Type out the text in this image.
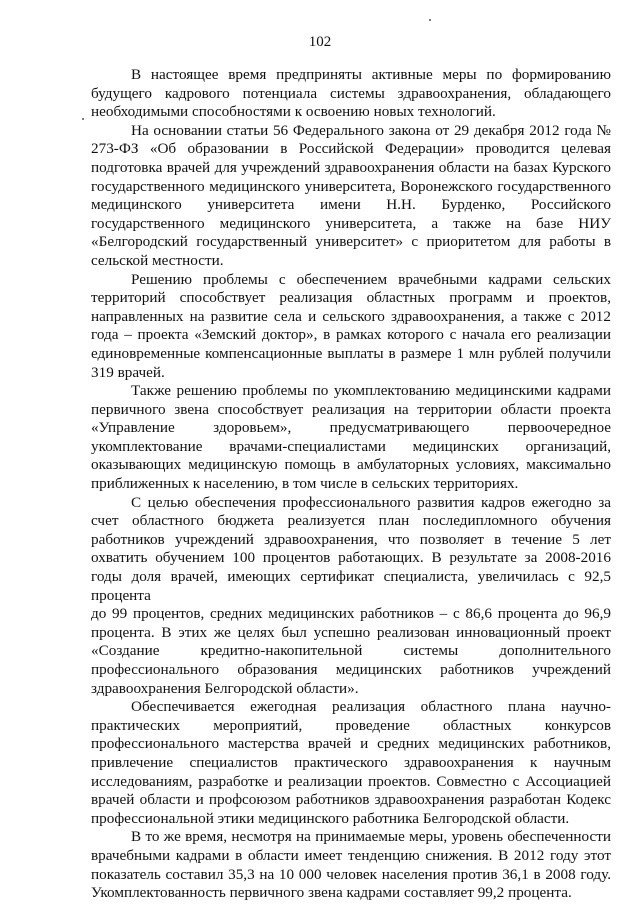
102

В настоящее время предприняты активные меры по формированию будущего кадрового потенциала системы здравоохранения, обладающего необходимыми способностями к освоению новых технологий.

На основании статьи 56 Федерального закона от 29 декабря 2012 года № 273-ФЗ «Об образовании в Российской Федерации» проводится целевая подготовка врачей для учреждений здравоохранения области на базах Курского государственного медицинского университета, Воронежского государственного медицинского университета имени Н.Н. Бурденко, Российского государственного медицинского университета, а также на базе НИУ «Белгородский государственный университет» с приоритетом для работы в сельской местности.

Решению проблемы с обеспечением врачебными кадрами сельских территорий способствует реализация областных программ и проектов, направленных на развитие села и сельского здравоохранения, а также с 2012 года – проекта «Земский доктор», в рамках которого с начала его реализации единовременные компенсационные выплаты в размере 1 млн рублей получили 319 врачей.

Также решению проблемы по укомплектованию медицинскими кадрами первичного звена способствует реализация на территории области проекта «Управление здоровьем», предусматривающего первоочередное укомплектование врачами-специалистами медицинских организаций, оказывающих медицинскую помощь в амбулаторных условиях, максимально приближенных к населению, в том числе в сельских территориях.

С целью обеспечения профессионального развития кадров ежегодно за счет областного бюджета реализуется план последипломного обучения работников учреждений здравоохранения, что позволяет в течение 5 лет охватить обучением 100 процентов работающих. В результате за 2008-2016 годы доля врачей, имеющих сертификат специалиста, увеличилась с 92,5 процента

до 99 процентов, средних медицинских работников – с 86,6 процента до 96,9 процента. В этих же целях был успешно реализован инновационный проект «Создание кредитно-накопительной системы дополнительного профессионального образования медицинских работников учреждений здравоохранения Белгородской области».

Обеспечивается ежегодная реализация областного плана научно-практических мероприятий, проведение областных конкурсов профессионального мастерства врачей и средних медицинских работников, привлечение специалистов практического здравоохранения к научным исследованиям, разработке и реализации проектов. Совместно с Ассоциацией врачей области и профсоюзом работников здравоохранения разработан Кодекс профессиональной этики медицинского работника Белгородской области.

В то же время, несмотря на принимаемые меры, уровень обеспеченности врачебными кадрами в области имеет тенденцию снижения. В 2012 году этот показатель составил 35,3 на 10 000 человек населения против 36,1 в 2008 году. Укомплектованность первичного звена кадрами составляет 99,2 процента.
